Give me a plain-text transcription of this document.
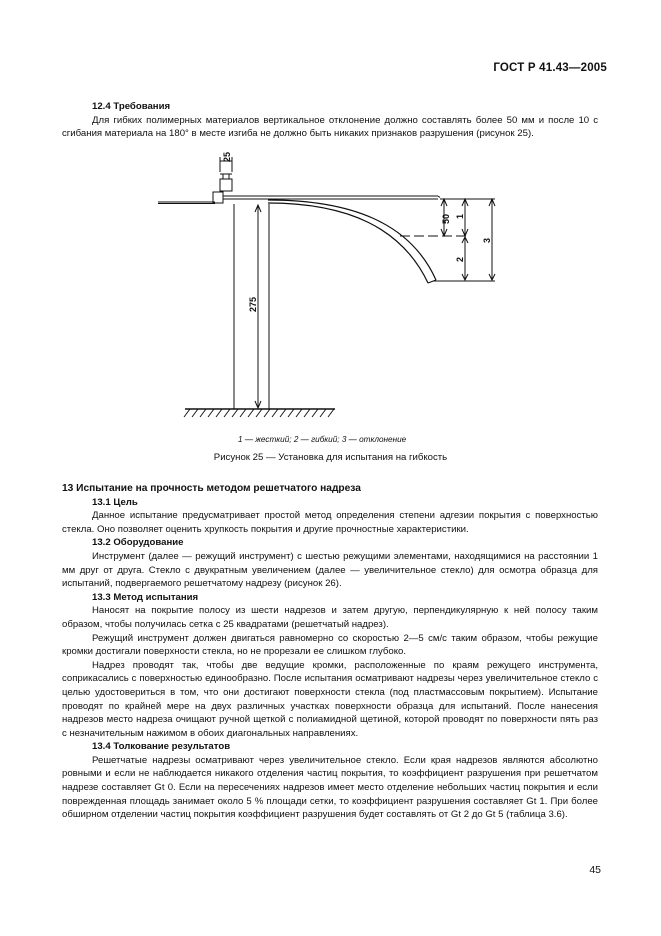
ГОСТ Р 41.43—2005

12.4 Требования

Для гибких полимерных материалов вертикальное отклонение должно составлять более 50 мм и после 10 с сгибания материала на 180° в месте изгиба не должно быть никаких признаков разрушения (рисунок 25).

25
275
50 1
2
3
1 — жесткий; 2 — гибкий; 3 — отклонение
Рисунок 25 — Установка для испытания на гибкость

13 Испытание на прочность методом решетчатого надреза

13.1 Цель

Данное испытание предусматривает простой метод определения степени адгезии покрытия с поверхностью стекла. Оно позволяет оценить хрупкость покрытия и другие прочностные характеристики.

13.2 Оборудование

Инструмент (далее — режущий инструмент) с шестью режущими элементами, находящимися на расстоянии 1 мм друг от друга. Стекло с двукратным увеличением (далее — увеличительное стекло) для осмотра образца для испытаний, подвергаемого решетчатому надрезу (рисунок 26).

13.3 Метод испытания

Наносят на покрытие полосу из шести надрезов и затем другую, перпендикулярную к ней полосу таким образом, чтобы получилась сетка с 25 квадратами (решетчатый надрез).

Режущий инструмент должен двигаться равномерно со скоростью 2—5 см/с таким образом, чтобы режущие кромки достигали поверхности стекла, но не прорезали ее слишком глубоко.

Надрез проводят так, чтобы две ведущие кромки, расположенные по краям режущего инструмента, соприкасались с поверхностью единообразно. После испытания осматривают надрезы через увеличительное стекло с целью удостовериться в том, что они достигают поверхности стекла (под пластмассовым покрытием). Испытание проводят по крайней мере на двух различных участках поверхности образца для испытаний. После нанесения надрезов место надреза очищают ручной щеткой с полиамидной щетиной, которой проводят по поверхности пять раз с незначительным нажимом в обоих диагональных направлениях.

13.4 Толкование результатов

Решетчатые надрезы осматривают через увеличительное стекло. Если края надрезов являются абсолютно ровными и если не наблюдается никакого отделения частиц покрытия, то коэффициент разрушения при решетчатом надрезе составляет Gt 0. Если на пересечениях надрезов имеет место отделение небольших частиц покрытия и если поврежденная площадь занимает около 5 % площади сетки, то коэффициент разрушения составляет Gt 1. При более обширном отделении частиц покрытия коэффициент разрушения будет составлять от Gt 2 до Gt 5 (таблица 3.6).

45
